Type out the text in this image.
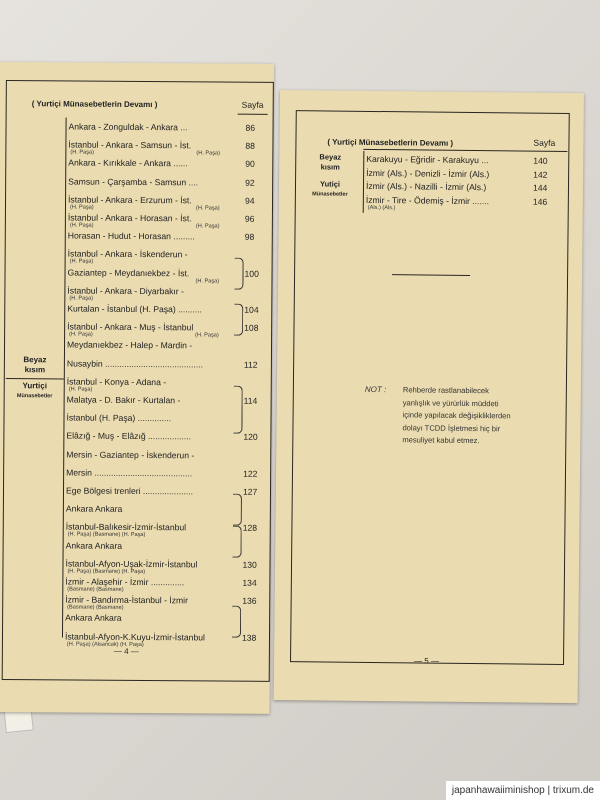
( Yurtiçi Münasebetlerin Devamı )	Sayfa
Beyaz
kısım
Yurtiçi
Münasebetler
Ankara - Zonguldak - Ankara ...	86
İstanbul - Ankara - Samsun - İst.	88
(H. Paşa)	(H. Paşa)
Ankara - Kırıkkale - Ankara ......	90
Samsun - Çarşamba - Samsun ....	92
İstanbul - Ankara - Erzurum - İst.	94
(H. Paşa)	(H. Paşa)
İstanbul - Ankara - Horasan - İst.	96
(H. Paşa)	(H. Paşa)
Horasan - Hudut - Horasan .........	98
İstanbul - Ankara - İskenderun -
(H. Paşa)
Gaziantep - Meydanıekbez - İst.	100
(H. Paşa)
İstanbul - Ankara - Diyarbakır -
(H. Paşa)
Kurtalan - İstanbul (H. Paşa) ..........	104
İstanbul - Ankara - Muş - İstanbul	108
(H. Paşa)	(H. Paşa)
Meydanıekbez - Halep - Mardin -
Nusaybin .........................................	112
İstanbul - Konya - Adana -
(H. Paşa)
Malatya - D. Bakır - Kurtalan -	114
İstanbul (H. Paşa) ..............
Elâzığ - Muş - Elâzığ ..................	120
Mersin - Gaziantep - İskenderun -
Mersin .........................................	122
Ege Bölgesi trenleri .....................	127
Ankara Ankara
İstanbul-Balıkesir-İzmir-İstanbul	128
(H. Paşa) (Basmane) (H. Paşa)
Ankara Ankara
İstanbul-Afyon-Uşak-İzmir-İstanbul	130
(H. Paşa) (Basmane) (H. Paşa)
İzmir - Alaşehir - İzmir ..............	134
(Basmane) (Basmane)
İzmir - Bandırma-İstanbul - İzmir	136
(Basmane) (Basmane)
Ankara Ankara
İstanbul-Afyon-K.Kuyu-İzmir-İstanbul	138
(H. Paşa) (Alsancak) (H. Paşa)
— 4 —
( Yurtiçi Münasebetlerin Devamı )	Sayfa
Beyaz
kısım
Yutiçi
Münasebetler
Karakuyu - Eğridir - Karakuyu ...	140
İzmir (Als.) - Denizli - İzmir (Als.)	142
İzmir (Als.) - Nazilli - İzmir (Als.)	144
İzmir - Tire - Ödemiş - İzmir .......	146
(Als.) (Als.)
NOT : Rehberde rastlanabilecek yanlışlık ve yürürlük müddeti içinde yapılacak değişikliklerden dolayı TCDD İşletmesi hiç bir mesuliyet kabul etmez.
— 5 —
japanhawaiiminishop | trixum.de
